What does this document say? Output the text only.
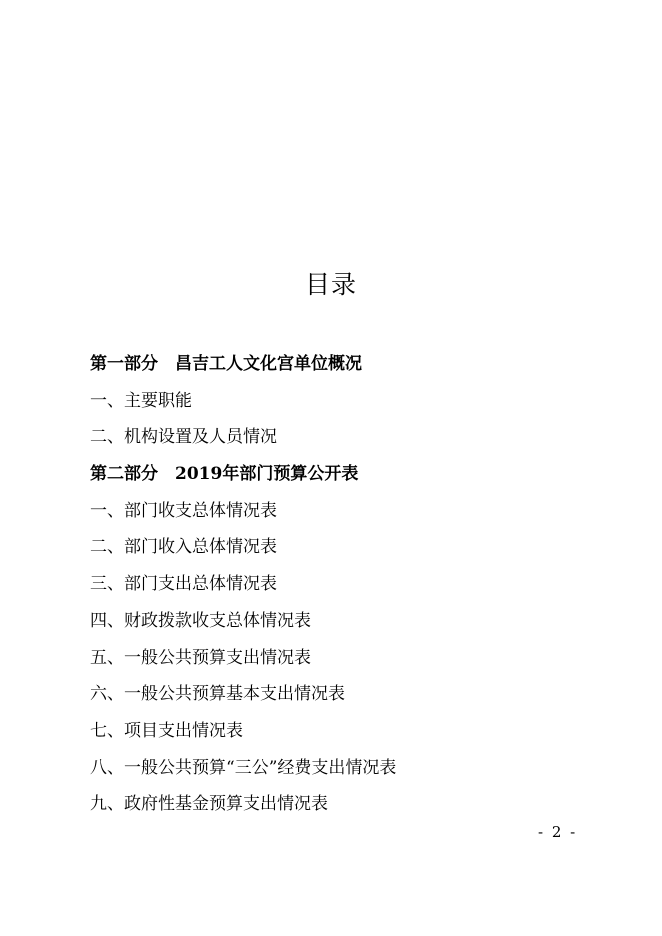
目录
第一部分　昌吉工人文化宫单位概况
一、主要职能
二、机构设置及人员情况
第二部分　2019年部门预算公开表
一、部门收支总体情况表
二、部门收入总体情况表
三、部门支出总体情况表
四、财政拨款收支总体情况表
五、一般公共预算支出情况表
六、一般公共预算基本支出情况表
七、项目支出情况表
八、一般公共预算“三公”经费支出情况表
九、政府性基金预算支出情况表
- 2 -
